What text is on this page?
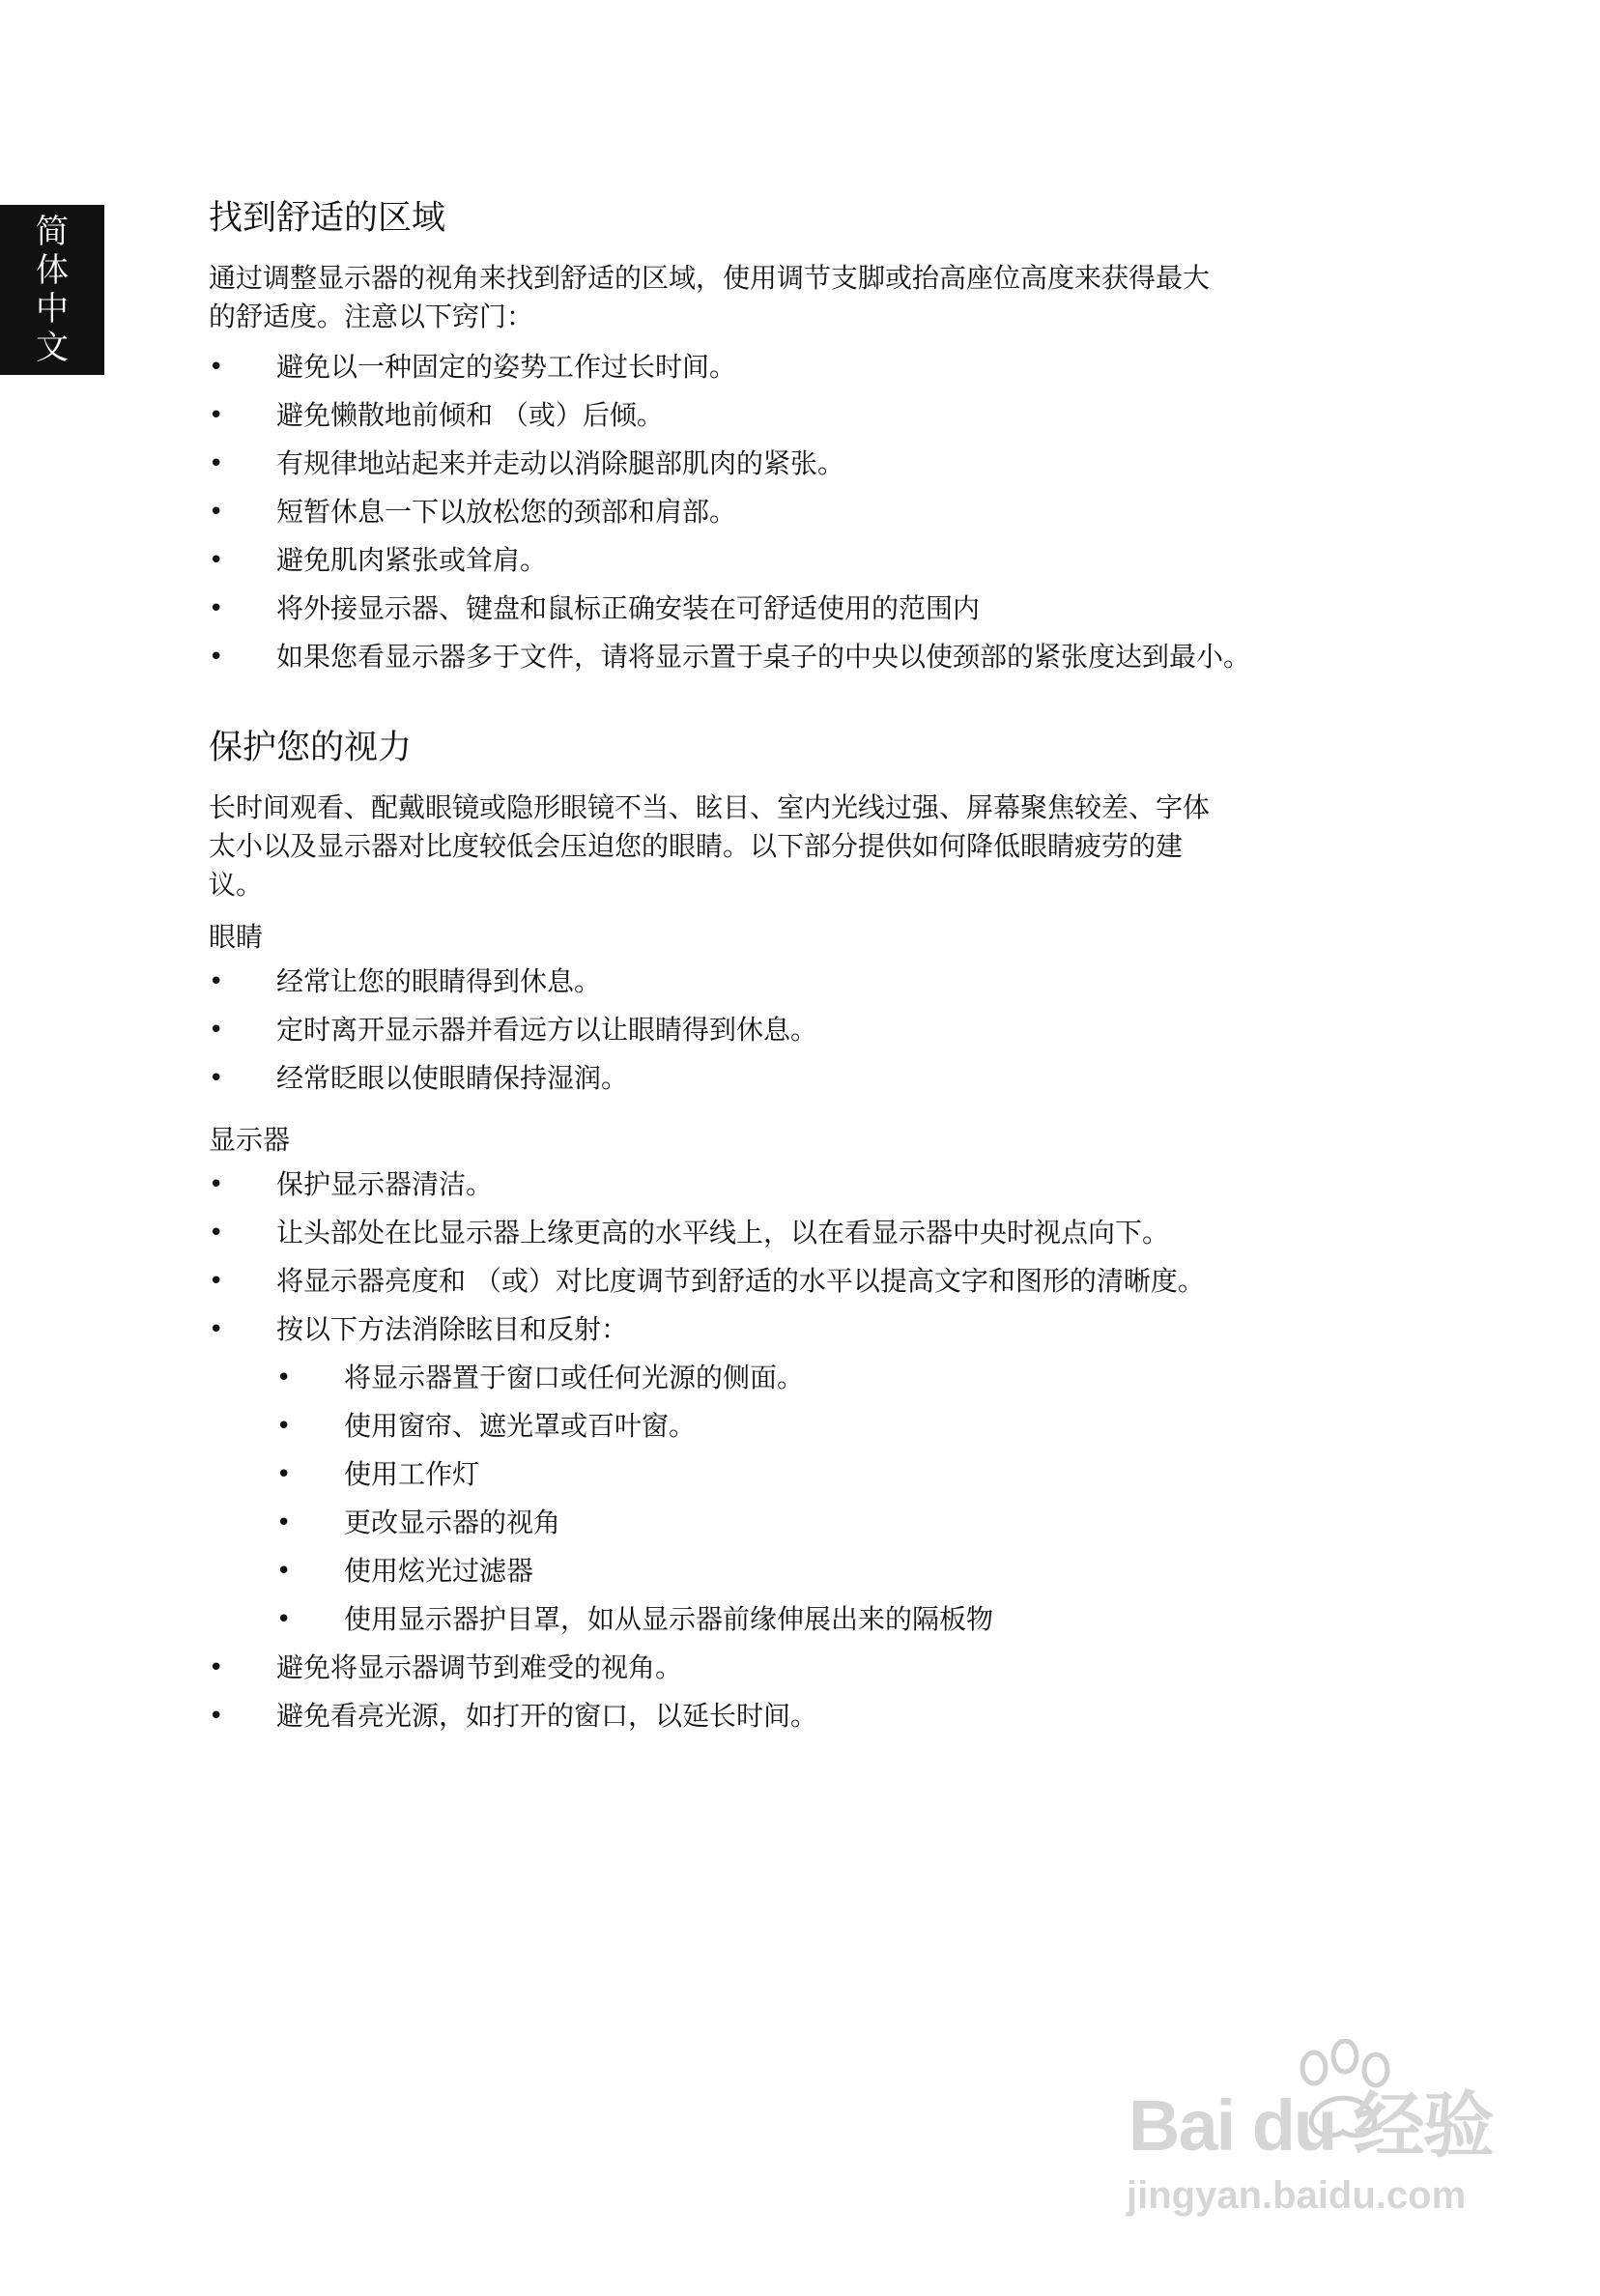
简
体
中
文
找到舒适的区域
通过调整显示器的视角来找到舒适的区域，使用调节支脚或抬高座位高度来获得最大
的舒适度。注意以下窍门：
• 避免以一种固定的姿势工作过长时间。
• 避免懒散地前倾和 （或）后倾。
• 有规律地站起来并走动以消除腿部肌肉的紧张。
• 短暂休息一下以放松您的颈部和肩部。
• 避免肌肉紧张或耸肩。
• 将外接显示器、键盘和鼠标正确安装在可舒适使用的范围内
• 如果您看显示器多于文件，请将显示置于桌子的中央以使颈部的紧张度达到最小。
保护您的视力
长时间观看、配戴眼镜或隐形眼镜不当、眩目、室内光线过强、屏幕聚焦较差、字体
太小以及显示器对比度较低会压迫您的眼睛。以下部分提供如何降低眼睛疲劳的建
议。
眼睛
• 经常让您的眼睛得到休息。
• 定时离开显示器并看远方以让眼睛得到休息。
• 经常眨眼以使眼睛保持湿润。
显示器
• 保护显示器清洁。
• 让头部处在比显示器上缘更高的水平线上，以在看显示器中央时视点向下。
• 将显示器亮度和 （或）对比度调节到舒适的水平以提高文字和图形的清晰度。
• 按以下方法消除眩目和反射：
• 将显示器置于窗口或任何光源的侧面。
• 使用窗帘、遮光罩或百叶窗。
• 使用工作灯
• 更改显示器的视角
• 使用炫光过滤器
• 使用显示器护目罩，如从显示器前缘伸展出来的隔板物
• 避免将显示器调节到难受的视角。
• 避免看亮光源，如打开的窗口，以延长时间。
Bai du 经验
jingyan.baidu.com
